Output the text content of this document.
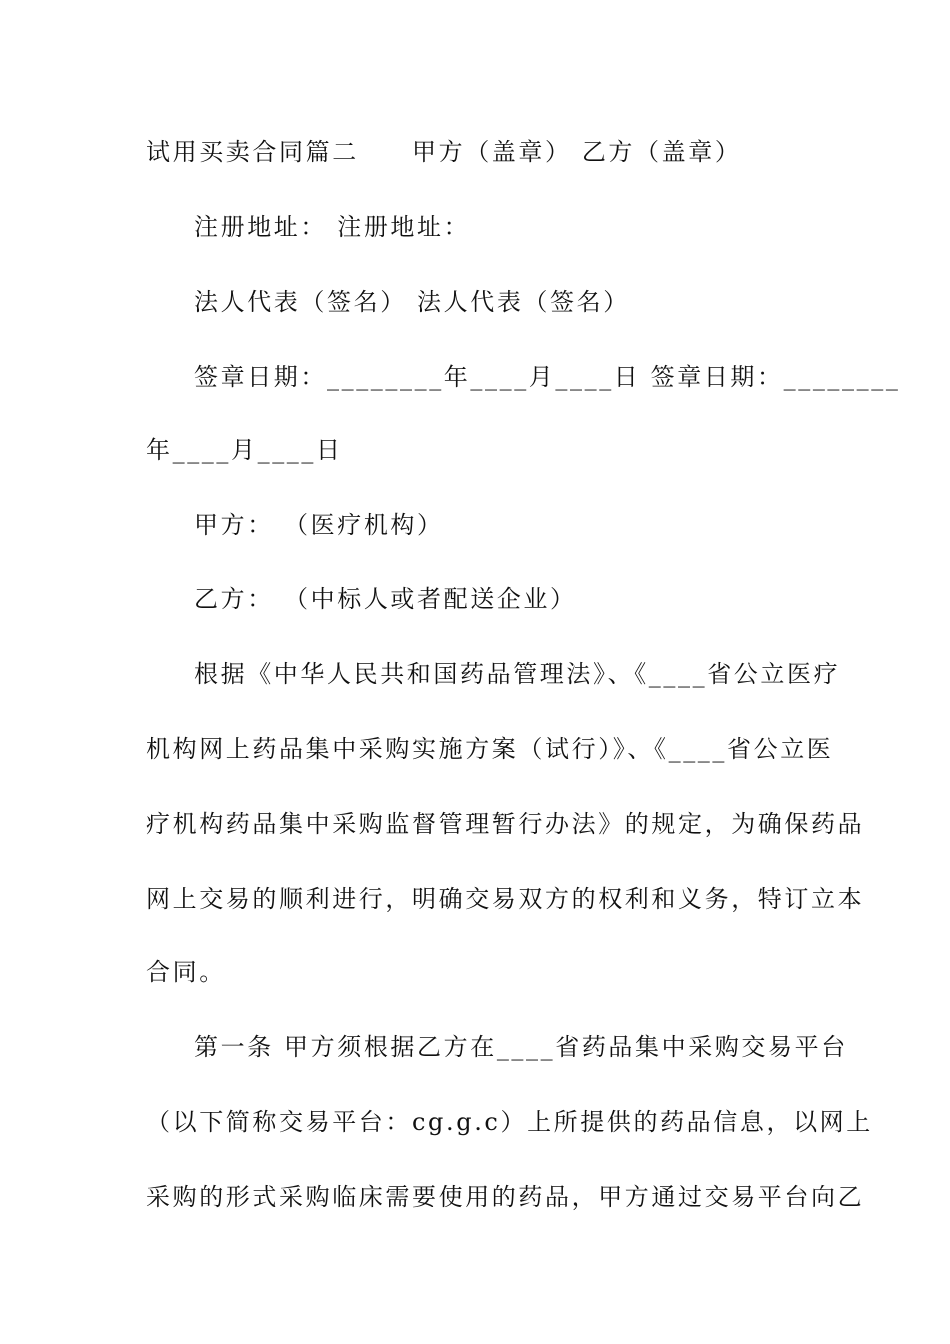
试用买卖合同篇二　　甲方（盖章） 乙方（盖章）
注册地址： 注册地址：
法人代表（签名） 法人代表（签名）
签章日期：________年____月____日 签章日期：________
年____月____日
甲方： （医疗机构）
乙方： （中标人或者配送企业）
根据《中华人民共和国药品管理法》、《____省公立医疗
机构网上药品集中采购实施方案（试行）》、《____省公立医
疗机构药品集中采购监督管理暂行办法》的规定，为确保药品
网上交易的顺利进行，明确交易双方的权利和义务，特订立本
合同。
第一条 甲方须根据乙方在____省药品集中采购交易平台
（以下简称交易平台：cg.g.c）上所提供的药品信息，以网上
采购的形式采购临床需要使用的药品，甲方通过交易平台向乙
